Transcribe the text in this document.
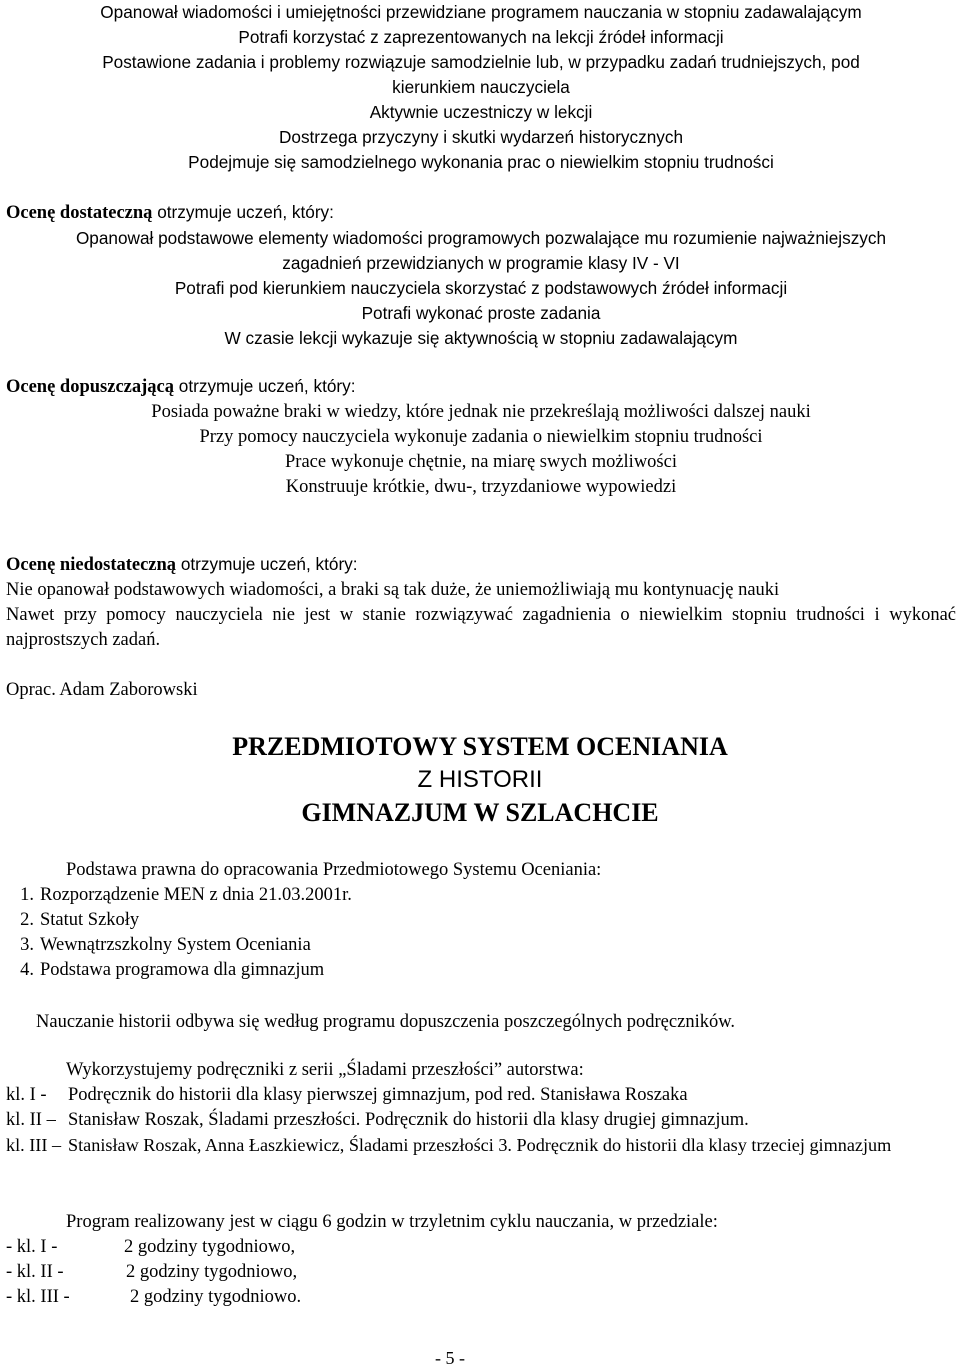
Opanował wiadomości i umiejętności przewidziane programem nauczania w stopniu zadawalającym

Potrafi korzystać z zaprezentowanych na lekcji źródeł informacji

Postawione zadania i problemy rozwiązuje samodzielnie lub, w przypadku zadań trudniejszych, pod

kierunkiem nauczyciela

Aktywnie uczestniczy w lekcji

Dostrzega przyczyny i skutki wydarzeń historycznych

Podejmuje się samodzielnego wykonania prac o niewielkim stopniu trudności

Ocenę dostateczną otrzymuje uczeń, który:

Opanował podstawowe elementy wiadomości programowych pozwalające mu rozumienie najważniejszych

zagadnień przewidzianych w programie klasy IV - VI

Potrafi pod kierunkiem nauczyciela skorzystać z podstawowych źródeł informacji

Potrafi wykonać proste zadania

W czasie lekcji wykazuje się aktywnością w stopniu zadawalającym

Ocenę dopuszczającą otrzymuje uczeń, który:

Posiada poważne braki w wiedzy, które jednak nie przekreślają możliwości dalszej nauki

Przy pomocy nauczyciela wykonuje zadania o niewielkim stopniu trudności

Prace wykonuje chętnie, na miarę swych możliwości

Konstruuje krótkie, dwu-, trzyzdaniowe wypowiedzi

Ocenę niedostateczną otrzymuje uczeń, który:

Nie opanował podstawowych wiadomości, a braki są tak duże, że uniemożliwiają mu kontynuację nauki

Nawet przy pomocy nauczyciela nie jest w stanie rozwiązywać zagadnienia o niewielkim stopniu trudności i wykonać najprostszych zadań.

Oprac. Adam Zaborowski

PRZEDMIOTOWY SYSTEM OCENIANIA
Z HISTORII
GIMNAZJUM W SZLACHCIE

Podstawa prawna do opracowania Przedmiotowego Systemu Oceniania:

1. Rozporządzenie MEN z dnia 21.03.2001r.

2. Statut Szkoły

3. Wewnątrzszkolny System Oceniania

4. Podstawa programowa dla gimnazjum

Nauczanie historii odbywa się według programu dopuszczenia poszczególnych podręczników.

Wykorzystujemy podręczniki z serii „Śladami przeszłości” autorstwa:

kl. I - Podręcznik do historii dla klasy pierwszej gimnazjum, pod red. Stanisława Roszaka

kl. II – Stanisław Roszak, Śladami przeszłości. Podręcznik do historii dla klasy drugiej gimnazjum.

kl. III – Stanisław Roszak, Anna Łaszkiewicz, Śladami przeszłości 3. Podręcznik do historii dla klasy trzeciej gimnazjum

Program realizowany jest w ciągu 6 godzin w trzyletnim cyklu nauczania, w przedziale:

- kl. I -	2 godziny tygodniowo,

- kl. II -	2 godziny tygodniowo,

- kl. III -	2 godziny tygodniowo.

- 5 -
